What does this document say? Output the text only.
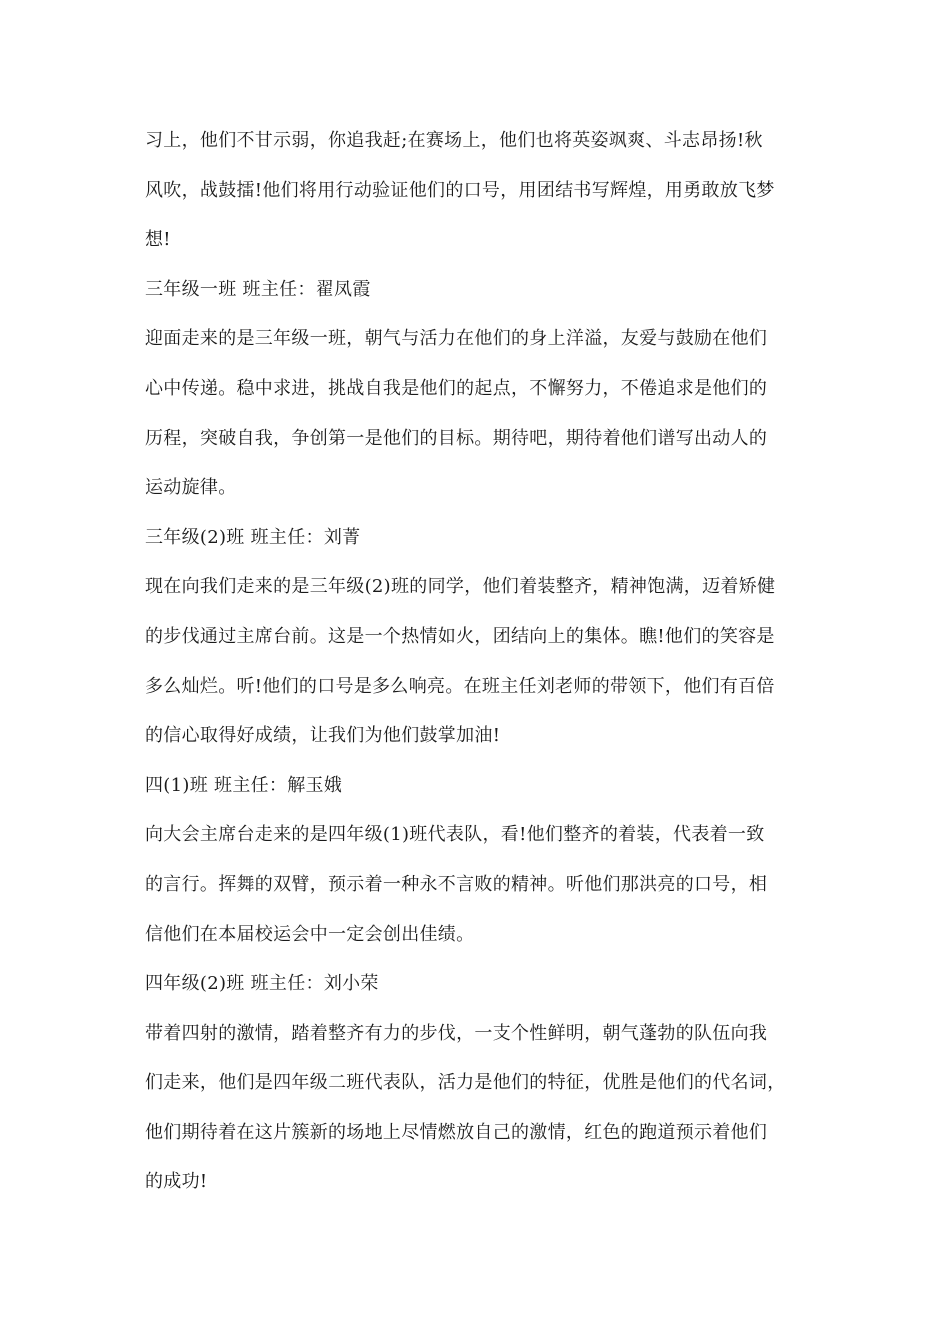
习上，他们不甘示弱，你追我赶;在赛场上，他们也将英姿飒爽、斗志昂扬!秋
风吹，战鼓擂!他们将用行动验证他们的口号，用团结书写辉煌，用勇敢放飞梦
想!
三年级一班 班主任：翟凤霞
迎面走来的是三年级一班，朝气与活力在他们的身上洋溢，友爱与鼓励在他们
心中传递。稳中求进，挑战自我是他们的起点，不懈努力，不倦追求是他们的
历程，突破自我，争创第一是他们的目标。期待吧，期待着他们谱写出动人的
运动旋律。
三年级(2)班 班主任：刘菁
现在向我们走来的是三年级(2)班的同学，他们着装整齐，精神饱满，迈着矫健
的步伐通过主席台前。这是一个热情如火，团结向上的集体。瞧!他们的笑容是
多么灿烂。听!他们的口号是多么响亮。在班主任刘老师的带领下，他们有百倍
的信心取得好成绩，让我们为他们鼓掌加油!
四(1)班 班主任：解玉娥
向大会主席台走来的是四年级(1)班代表队，看!他们整齐的着装，代表着一致
的言行。挥舞的双臂，预示着一种永不言败的精神。听他们那洪亮的口号，相
信他们在本届校运会中一定会创出佳绩。
四年级(2)班 班主任：刘小荣
带着四射的激情，踏着整齐有力的步伐，一支个性鲜明，朝气蓬勃的队伍向我
们走来，他们是四年级二班代表队，活力是他们的特征，优胜是他们的代名词，
他们期待着在这片簇新的场地上尽情燃放自己的激情，红色的跑道预示着他们
的成功!
